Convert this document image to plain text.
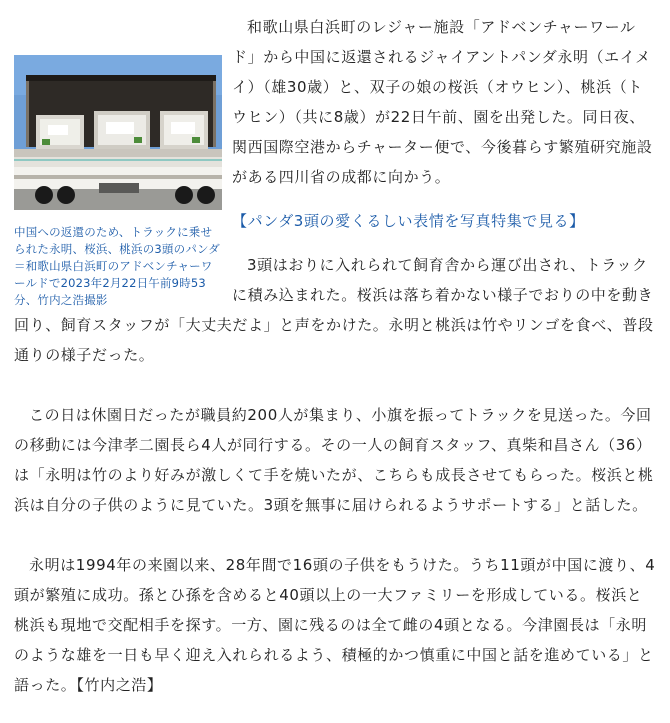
中国への返還のため、トラックに乗せられた永明、桜浜、桃浜の3頭のパンダ＝和歌山県白浜町のアドベンチャーワールドで2023年2月22日午前9時53分、竹内之浩撮影

和歌山県白浜町のレジャー施設「アドベンチャーワールド」から中国に返還されるジャイアントパンダ永明（エイメイ）（雄30歳）と、双子の娘の桜浜（オウヒン）、桃浜（トウヒン）（共に8歳）が22日午前、園を出発した。同日夜、関西国際空港からチャーター便で、今後暮らす繁殖研究施設がある四川省の成都に向かう。

【パンダ3頭の愛くるしい表情を写真特集で見る】

3頭はおりに入れられて飼育舎から運び出され、トラックに積み込まれた。桜浜は落ち着かない様子でおりの中を動き回り、飼育スタッフが「大丈夫だよ」と声をかけた。永明と桃浜は竹やリンゴを食べ、普段通りの様子だった。

この日は休園日だったが職員約200人が集まり、小旗を振ってトラックを見送った。今回の移動には今津孝二園長ら4人が同行する。その一人の飼育スタッフ、真柴和昌さん（36）は「永明は竹のより好みが激しくて手を焼いたが、こちらも成長させてもらった。桜浜と桃浜は自分の子供のように見ていた。3頭を無事に届けられるようサポートする」と話した。

永明は1994年の来園以来、28年間で16頭の子供をもうけた。うち11頭が中国に渡り、4頭が繁殖に成功。孫とひ孫を含めると40頭以上の一大ファミリーを形成している。桜浜と桃浜も現地で交配相手を探す。一方、園に残るのは全て雌の4頭となる。今津園長は「永明のような雄を一日も早く迎え入れられるよう、積極的かつ慎重に中国と話を進めている」と語った。【竹内之浩】
